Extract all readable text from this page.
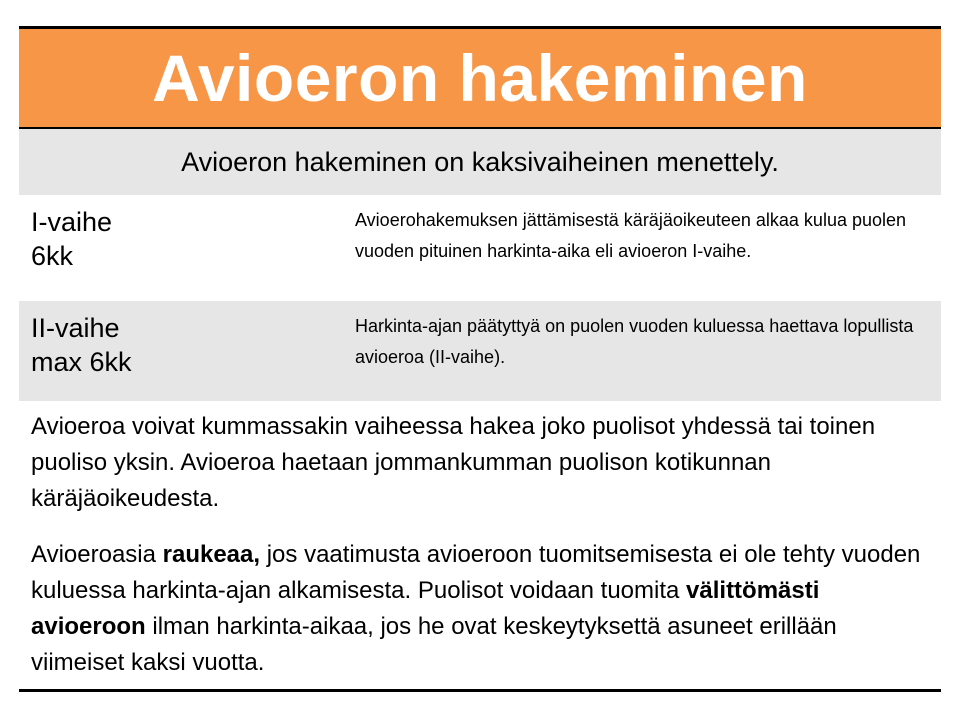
Avioeron hakeminen
Avioeron hakeminen on kaksivaiheinen menettely.
I-vaihe
6kk
Avioerohakemuksen jättämisestä käräjäoikeuteen alkaa kulua puolen vuoden pituinen harkinta-aika eli avioeron I-vaihe.
II-vaihe
max 6kk
Harkinta-ajan päätyttyä on puolen vuoden kuluessa haettava lopullista avioeroa (II-vaihe).
Avioeroa voivat kummassakin vaiheessa hakea joko puolisot yhdessä tai toinen puoliso yksin. Avioeroa haetaan jommankumman puolison kotikunnan käräjäoikeudesta.
Avioeroasia raukeaa, jos vaatimusta avioeroon tuomitsemisesta ei ole tehty vuoden kuluessa harkinta-ajan alkamisesta. Puolisot voidaan tuomita välittömästi avioeroon ilman harkinta-aikaa, jos he ovat keskeytyksettä asuneet erillään viimeiset kaksi vuotta.
